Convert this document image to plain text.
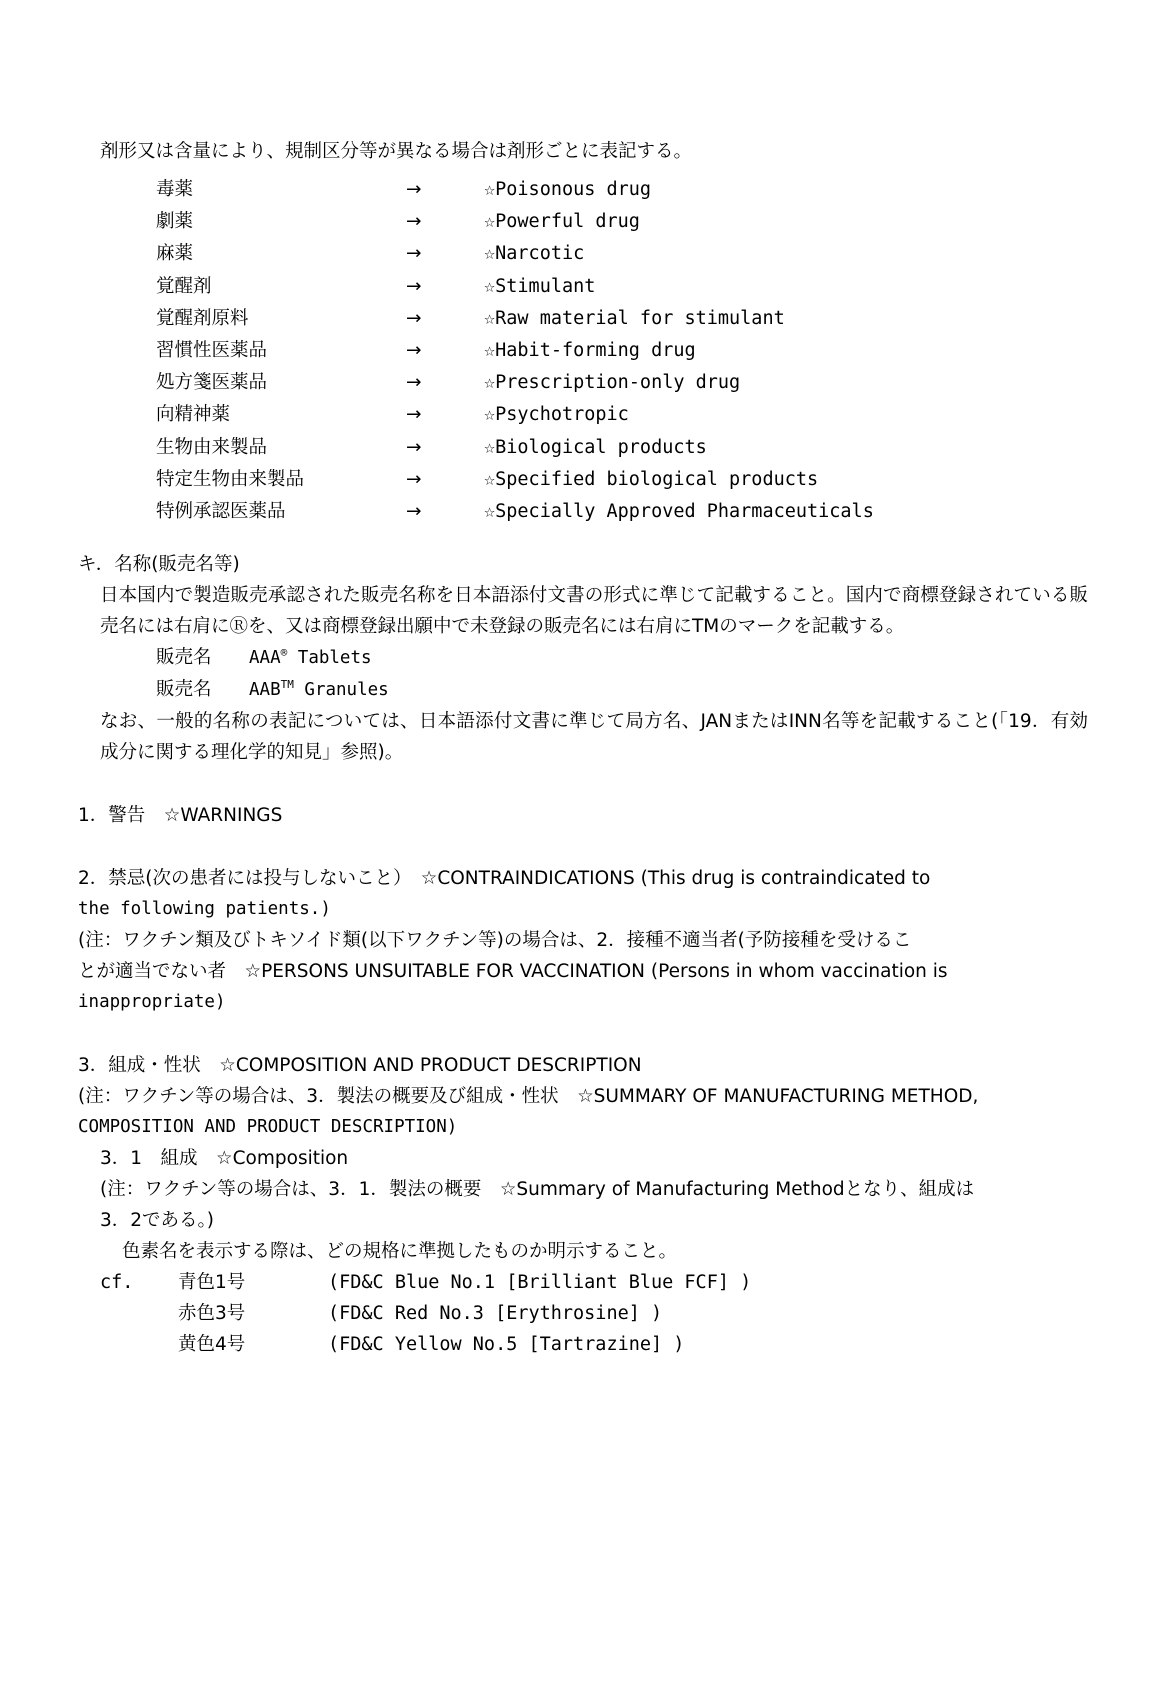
剤形又は含量により、規制区分等が異なる場合は剤形ごとに表記する。
毒薬	→	☆Poisonous drug
劇薬	→	☆Powerful drug
麻薬	→	☆Narcotic
覚醒剤	→	☆Stimulant
覚醒剤原料	→	☆Raw material for stimulant
習慣性医薬品	→	☆Habit-forming drug
処方箋医薬品	→	☆Prescription-only drug
向精神薬	→	☆Psychotropic
生物由来製品	→	☆Biological products
特定生物由来製品	→	☆Specified biological products
特例承認医薬品	→	☆Specially Approved Pharmaceuticals
キ．名称(販売名等)
日本国内で製造販売承認された販売名称を日本語添付文書の形式に準じて記載すること。国内で商標登録されている販売名には右肩にⓇを、又は商標登録出願中で未登録の販売名には右肩にTMのマークを記載する。
販売名 AAA® Tablets
販売名 AAB™ Granules
なお、一般的名称の表記については、日本語添付文書に準じて局方名、JANまたはINN名等を記載すること(「19．有効成分に関する理化学的知見」参照)。
1．警告　☆WARNINGS
2．禁忌(次の患者には投与しないこと）　☆CONTRAINDICATIONS (This drug is contraindicated to
the following patients.)
(注：ワクチン類及びトキソイド類(以下ワクチン等)の場合は、2．接種不適当者(予防接種を受けるこ
とが適当でない者　☆PERSONS UNSUITABLE FOR VACCINATION (Persons in whom vaccination is
inappropriate)
3．組成・性状　☆COMPOSITION AND PRODUCT DESCRIPTION
(注：ワクチン等の場合は、3．製法の概要及び組成・性状　☆SUMMARY OF MANUFACTURING METHOD,
COMPOSITION AND PRODUCT DESCRIPTION)
3．1　組成　☆Composition
(注：ワクチン等の場合は、3．1．製法の概要　☆Summary of Manufacturing Methodとなり、組成は
3．2である。)
色素名を表示する際は、どの規格に準拠したものか明示すること。
cf.	青色1号	(FD&C Blue No.1 [Brilliant Blue FCF] )
	赤色3号	(FD&C Red No.3 [Erythrosine] )
	黄色4号	(FD&C Yellow No.5 [Tartrazine] )
